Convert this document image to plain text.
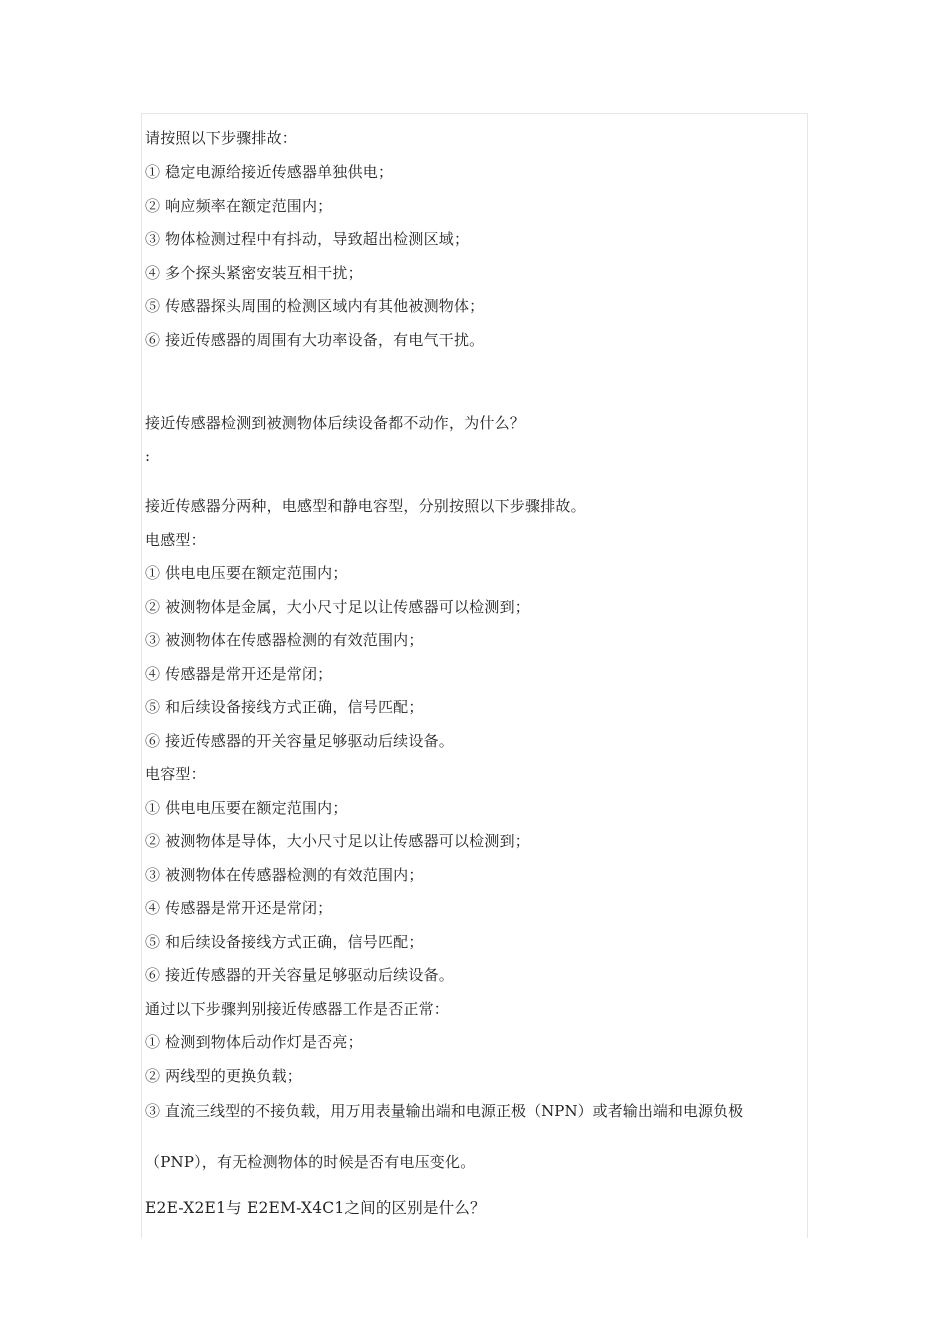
请按照以下步骤排故：
① 稳定电源给接近传感器单独供电；
② 响应频率在额定范围内；
③ 物体检测过程中有抖动，导致超出检测区域；
④ 多个探头紧密安装互相干扰；
⑤ 传感器探头周围的检测区域内有其他被测物体；
⑥ 接近传感器的周围有大功率设备，有电气干扰。
接近传感器检测到被测物体后续设备都不动作，为什么？
:
接近传感器分两种，电感型和静电容型，分别按照以下步骤排故。
电感型：
① 供电电压要在额定范围内；
② 被测物体是金属，大小尺寸足以让传感器可以检测到；
③ 被测物体在传感器检测的有效范围内；
④ 传感器是常开还是常闭；
⑤ 和后续设备接线方式正确，信号匹配；
⑥ 接近传感器的开关容量足够驱动后续设备。
电容型：
① 供电电压要在额定范围内；
② 被测物体是导体，大小尺寸足以让传感器可以检测到；
③ 被测物体在传感器检测的有效范围内；
④ 传感器是常开还是常闭；
⑤ 和后续设备接线方式正确，信号匹配；
⑥ 接近传感器的开关容量足够驱动后续设备。
通过以下步骤判别接近传感器工作是否正常：
① 检测到物体后动作灯是否亮；
② 两线型的更换负载；
③ 直流三线型的不接负载，用万用表量输出端和电源正极（NPN）或者输出端和电源负极
（PNP），有无检测物体的时候是否有电压变化。
E2E-X2E1与 E2EM-X4C1之间的区别是什么？
